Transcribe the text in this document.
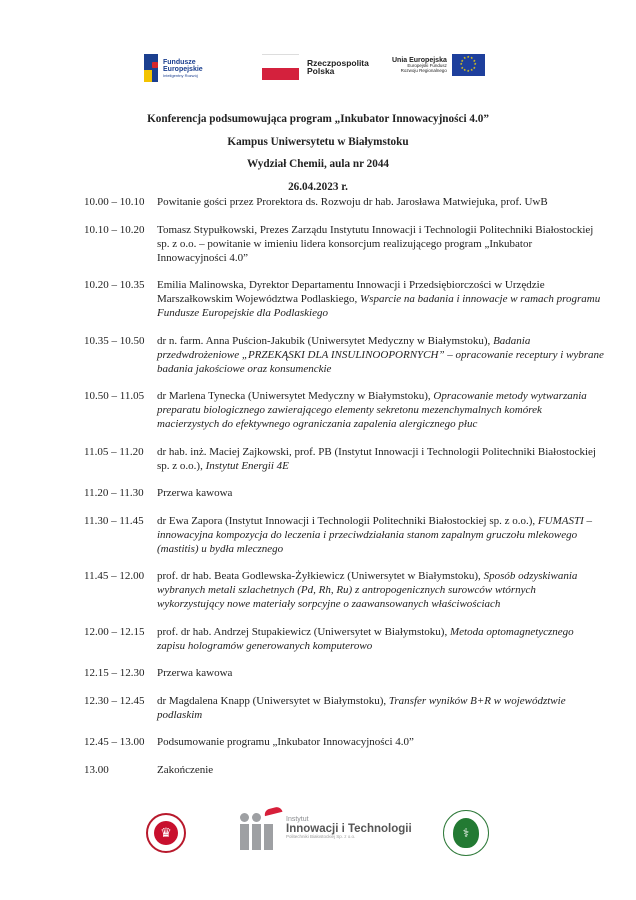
Fundusze
Europejskie
Inteligentny Rozwój
Rzeczpospolita
Polska
Unia Europejska
Europejski Fundusz
Rozwoju Regionalnego
★
★
★
★
★
★
★
★
★ ★ ★
★
Konferencja podsumowująca program „Inkubator Innowacyjności 4.0”
Kampus Uniwersytetu w Białymstoku
Wydział Chemii, aula nr 2044
26.04.2023 r.
10.00 – 10.10	Powitanie gości przez Prorektora ds. Rozwoju dr hab. Jarosława Matwiejuka, prof. UwB
10.10 – 10.20	Tomasz Stypułkowski, Prezes Zarządu Instytutu Innowacji i Technologii Politechniki Białostockiej sp. z o.o. – powitanie w imieniu lidera konsorcjum realizującego program „Inkubator Innowacyjności 4.0”
10.20 – 10.35	Emilia Malinowska, Dyrektor Departamentu Innowacji i Przedsiębiorczości w Urzędzie Marszałkowskim Województwa Podlaskiego, Wsparcie na badania i innowacje w ramach programu Fundusze Europejskie dla Podlaskiego
10.35 – 10.50	dr n. farm. Anna Puścion-Jakubik (Uniwersytet Medyczny w Białymstoku), Badania przedwdrożeniowe „PRZEKĄSKI DLA INSULINOOPORNYCH” – opracowanie receptury i wybrane badania jakościowe oraz konsumenckie
10.50 – 11.05	dr Marlena Tynecka (Uniwersytet Medyczny w Białymstoku), Opracowanie metody wytwarzania preparatu biologicznego zawierającego elementy sekretonu mezenchymalnych komórek macierzystych do efektywnego ograniczania zapalenia alergicznego płuc
11.05 – 11.20	dr hab. inż. Maciej Zajkowski, prof. PB (Instytut Innowacji i Technologii Politechniki Białostockiej sp. z o.o.), Instytut Energii 4E
11.20 – 11.30	Przerwa kawowa
11.30 – 11.45	dr Ewa Zapora (Instytut Innowacji i Technologii Politechniki Białostockiej sp. z o.o.), FUMASTI – innowacyjna kompozycja do leczenia i przeciwdziałania stanom zapalnym gruczołu mlekowego (mastitis) u bydła mlecznego
11.45 – 12.00	prof. dr hab. Beata Godlewska-Żyłkiewicz (Uniwersytet w Białymstoku), Sposób odzyskiwania wybranych metali szlachetnych (Pd, Rh, Ru) z antropogenicznych surowców wtórnych wykorzystujący nowe materiały sorpcyjne o zaawansowanych właściwościach
12.00 – 12.15	prof. dr hab. Andrzej Stupakiewicz (Uniwersytet w Białymstoku), Metoda optomagnetycznego zapisu hologramów generowanych komputerowo
12.15 – 12.30	Przerwa kawowa
12.30 – 12.45	dr Magdalena Knapp (Uniwersytet w Białymstoku), Transfer wyników B+R w województwie podlaskim
12.45 – 13.00	Podsumowanie programu „Inkubator Innowacyjności 4.0”
13.00	Zakończenie
♛
Instytut
Innowacji i Technologii
Politechniki Białostockiej Sp. z o.o.	⚕
